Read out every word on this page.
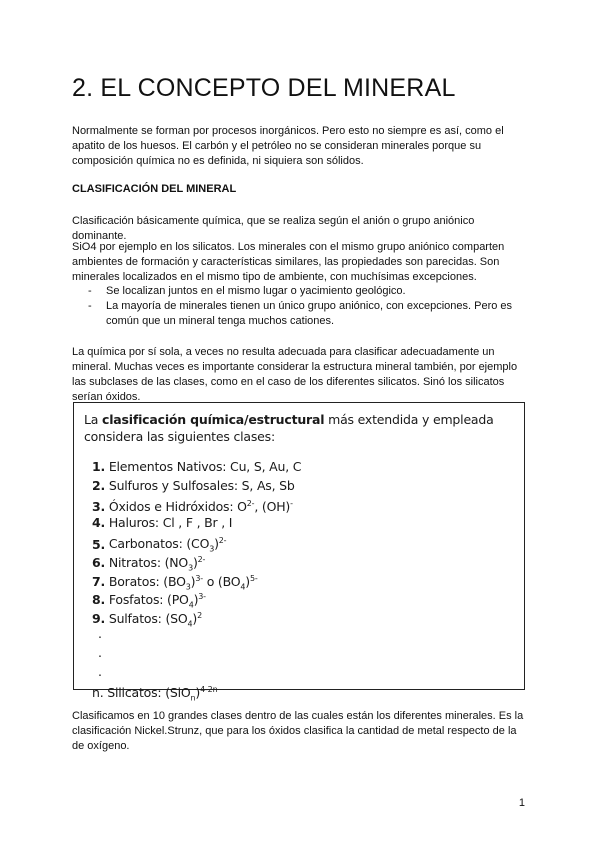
2. EL CONCEPTO DEL MINERAL

Normalmente se forman por procesos inorgánicos. Pero esto no siempre es así, como el apatito de los huesos. El carbón y el petróleo no se consideran minerales porque su composición química no es definida, ni siquiera son sólidos.

CLASIFICACIÓN DEL MINERAL

Clasificación básicamente química, que se realiza según el anión o grupo aniónico dominante.

SiO4 por ejemplo en los silicatos. Los minerales con el mismo grupo aniónico comparten ambientes de formación y características similares, las propiedades son parecidas. Son minerales localizados en el mismo tipo de ambiente, con muchísimas excepciones.

- Se localizan juntos en el mismo lugar o yacimiento geológico.
- La mayoría de minerales tienen un único grupo aniónico, con excepciones. Pero es común que un mineral tenga muchos cationes.

La química por sí sola, a veces no resulta adecuada para clasificar adecuadamente un mineral. Muchas veces es importante considerar la estructura mineral también, por ejemplo las subclases de las clases, como en el caso de los diferentes silicatos. Sinó los silicatos serían óxidos.

La clasificación química/estructural más extendida y empleada considera las siguientes clases:
1. Elementos Nativos: Cu, S, Au, C
2. Sulfuros y Sulfosales: S, As, Sb
3. Óxidos e Hidróxidos: $O^{2-}$, (OH)-
4. Haluros: Cl , F , Br , I
5. Carbonatos: $(CO_3)^{2-}$
6. Nitratos: $(NO_3)^{2-}$
7. Boratos: $(BO_3)^{3-}$ o $(BO_4)^{5-}$
8. Fosfatos: $(PO_4)^{3-}$
9. Sulfatos: $(SO_4)^2$
.
.
.
n. Silicatos: $(SiO_n)^{4-2n}$

Clasificamos en 10 grandes clases dentro de las cuales están los diferentes minerales. Es la clasificación Nickel.Strunz, que para los óxidos clasifica la cantidad de metal respecto de la de oxígeno.

1
